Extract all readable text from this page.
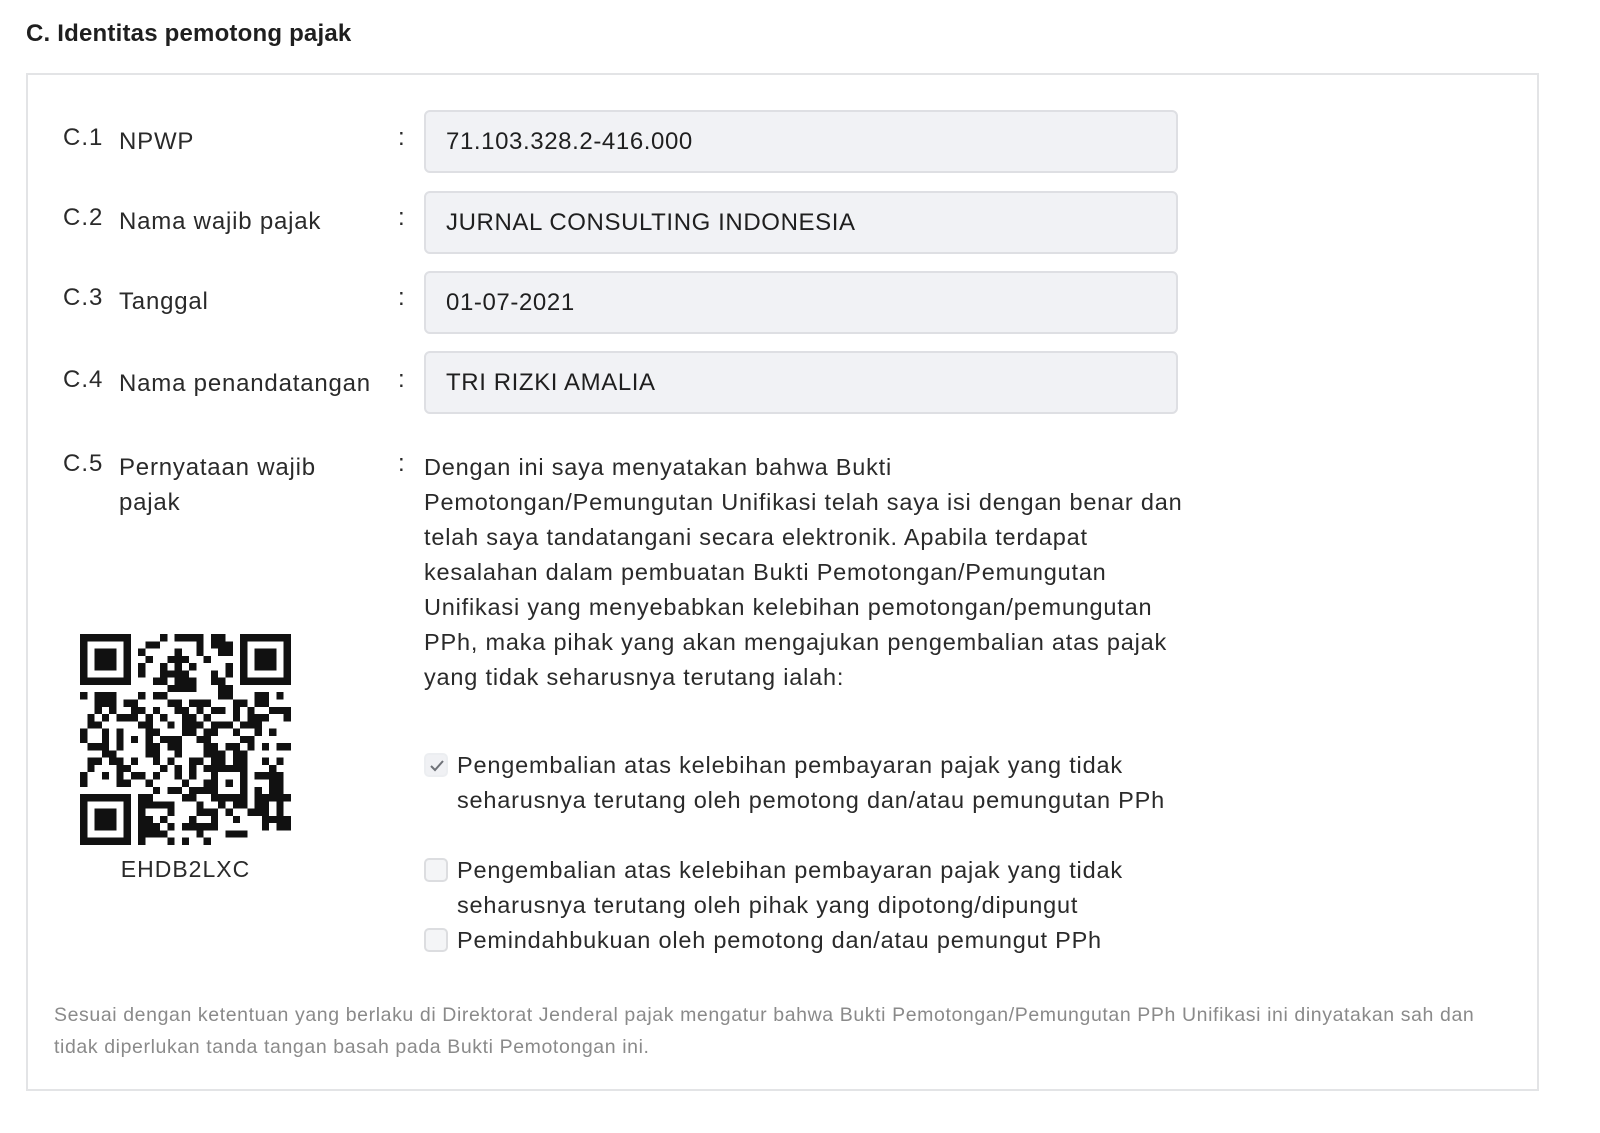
C. Identitas pemotong pajak
C.1 NPWP	:	71.103.328.2-416.000
C.2 Nama wajib pajak	:	JURNAL CONSULTING INDONESIA
C.3 Tanggal	:	01-07-2021
C.4 Nama penandatangan :	TRI RIZKI AMALIA
C.5 Pernyataan wajib pajak
: Dengan ini saya menyatakan bahwa Bukti Pemotongan/Pemungutan Unifikasi telah saya isi dengan benar dan telah saya tandatangani secara elektronik. Apabila terdapat kesalahan dalam pembuatan Bukti Pemotongan/Pemungutan Unifikasi yang menyebabkan kelebihan pemotongan/pemungutan PPh, maka pihak yang akan mengajukan pengembalian atas pajak yang tidak seharusnya terutang ialah:
Pengembalian atas kelebihan pembayaran pajak yang tidak seharusnya terutang oleh pemotong dan/atau pemungutan PPh
Pengembalian atas kelebihan pembayaran pajak yang tidak seharusnya terutang oleh pihak yang dipotong/dipungut
Pemindahbukuan oleh pemotong dan/atau pemungut PPh
EHDB2LXC
Sesuai dengan ketentuan yang berlaku di Direktorat Jenderal pajak mengatur bahwa Bukti Pemotongan/Pemungutan PPh Unifikasi ini dinyatakan sah dan tidak diperlukan tanda tangan basah pada Bukti Pemotongan ini.
